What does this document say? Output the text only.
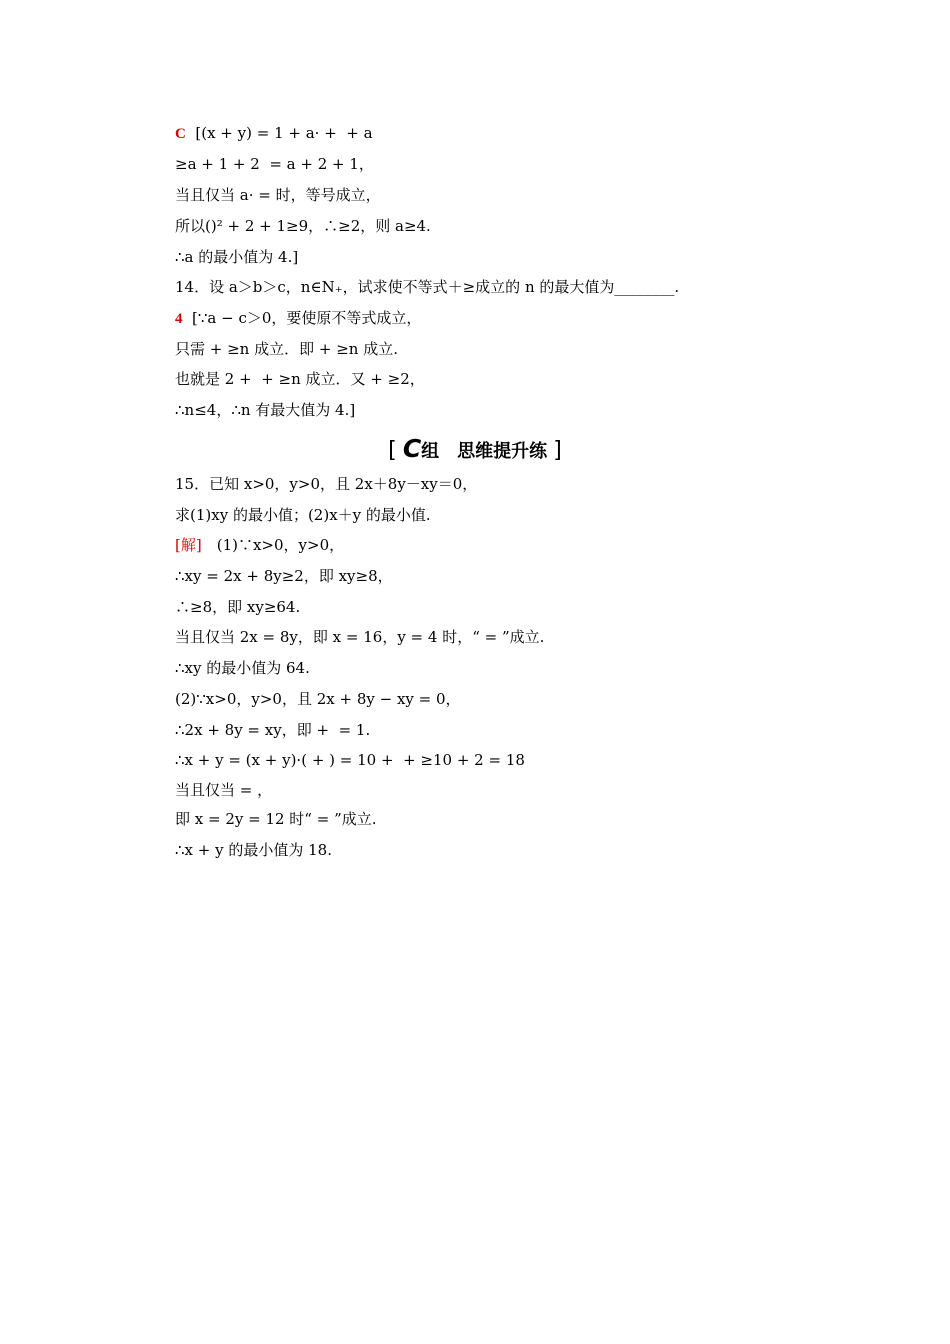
C  [(x + y) = 1 + a· +  + a
≥a + 1 + 2  = a + 2 + 1，
当且仅当 a· = 时，等号成立，
所以()² + 2 + 1≥9，∴≥2，则 a≥4.
∴a 的最小值为 4.]
14．设 a＞b＞c，n∈N₊，试求使不等式＋≥成立的 n 的最大值为________.
4  [∵a − c＞0，要使原不等式成立，
只需 + ≥n 成立．即 + ≥n 成立.
也就是 2 +  + ≥n 成立．又 + ≥2，
∴n≤4，∴n 有最大值为 4.]
[ C组　思维提升练 ]
15．已知 x>0，y>0，且 2x＋8y－xy＝0，
求(1)xy 的最小值；(2)x＋y 的最小值.
[解]　(1)∵x>0，y>0，
∴xy = 2x + 8y≥2，即 xy≥8，
∴≥8，即 xy≥64.
当且仅当 2x = 8y，即 x = 16，y = 4 时，“ = ”成立.
∴xy 的最小值为 64.
(2)∵x>0，y>0，且 2x + 8y − xy = 0，
∴2x + 8y = xy，即 +  = 1.
∴x + y = (x + y)·( + ) = 10 +  + ≥10 + 2 = 18
当且仅当 = ，
即 x = 2y = 12 时“ = ”成立.
∴x + y 的最小值为 18.
